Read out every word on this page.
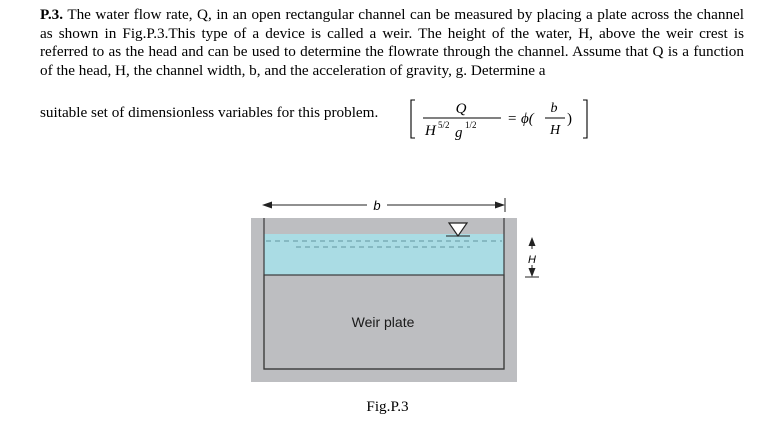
P.3. The water flow rate, Q, in an open rectangular channel can be measured by placing a plate across the channel as shown in Fig.P.3.This type of a device is called a weir. The height of the water, H, above the weir crest is referred to as the head and can be used to determine the flowrate through the channel. Assume that Q is a function of the head, H, the channel width, b, and the acceleration of gravity, g. Determine a
suitable set of dimensionless variables for this problem.	Q
H 5/2 g 1/2 = ϕ(
b
H
)
b
H
Weir plate
Fig.P.3
